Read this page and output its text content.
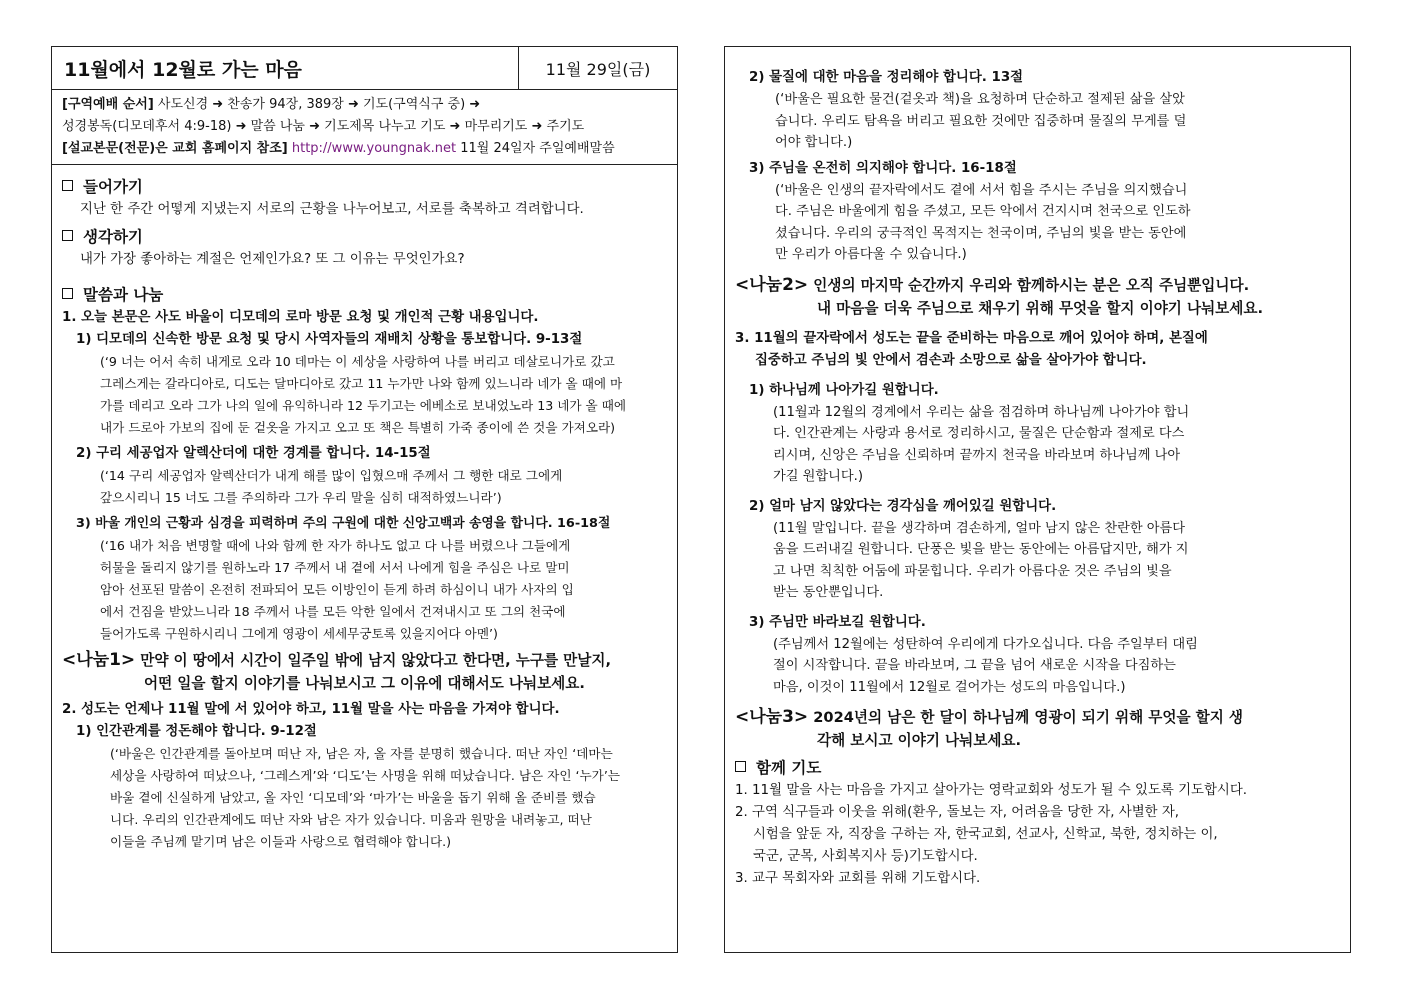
11월에서 12월로 가는 마음	11월 29일(금)
[구역예배 순서] 사도신경 ➜ 찬송가 94장, 389장 ➜ 기도(구역식구 중) ➜
성경봉독(디모데후서 4:9-18) ➜ 말씀 나눔 ➜ 기도제목 나누고 기도 ➜ 마무리기도 ➜ 주기도
[설교본문(전문)은 교회 홈페이지 참조] http://www.youngnak.net 11월 24일자 주일예배말씀
들어가기
지난 한 주간 어떻게 지냈는지 서로의 근황을 나누어보고, 서로를 축복하고 격려합니다.
생각하기
내가 가장 좋아하는 계절은 언제인가요? 또 그 이유는 무엇인가요?
말씀과 나눔
1. 오늘 본문은 사도 바울이 디모데의 로마 방문 요청 및 개인적 근황 내용입니다.
1) 디모데의 신속한 방문 요청 및 당시 사역자들의 재배치 상황을 통보합니다. 9-13절
(‘9 너는 어서 속히 내게로 오라 10 데마는 이 세상을 사랑하여 나를 버리고 데살로니가로 갔고
그레스게는 갈라디아로, 디도는 달마디아로 갔고 11 누가만 나와 함께 있느니라 네가 올 때에 마
가를 데리고 오라 그가 나의 일에 유익하니라 12 두기고는 에베소로 보내었노라 13 네가 올 때에
내가 드로아 가보의 집에 둔 겉옷을 가지고 오고 또 책은 특별히 가죽 종이에 쓴 것을 가져오라)
2) 구리 세공업자 알렉산더에 대한 경계를 합니다. 14-15절
(‘14 구리 세공업자 알렉산더가 내게 해를 많이 입혔으매 주께서 그 행한 대로 그에게
갚으시리니 15 너도 그를 주의하라 그가 우리 말을 심히 대적하였느니라’)
3) 바울 개인의 근황과 심경을 피력하며 주의 구원에 대한 신앙고백과 송영을 합니다. 16-18절
(‘16 내가 처음 변명할 때에 나와 함께 한 자가 하나도 없고 다 나를 버렸으나 그들에게
허물을 돌리지 않기를 원하노라 17 주께서 내 곁에 서서 나에게 힘을 주심은 나로 말미
암아 선포된 말씀이 온전히 전파되어 모든 이방인이 듣게 하려 하심이니 내가 사자의 입
에서 건짐을 받았느니라 18 주께서 나를 모든 악한 일에서 건져내시고 또 그의 천국에
들어가도록 구원하시리니 그에게 영광이 세세무궁토록 있을지어다 아멘’)
<나눔1> 만약 이 땅에서 시간이 일주일 밖에 남지 않았다고 한다면, 누구를 만날지,
어떤 일을 할지 이야기를 나눠보시고 그 이유에 대해서도 나눠보세요.
2. 성도는 언제나 11월 말에 서 있어야 하고, 11월 말을 사는 마음을 가져야 합니다.
1) 인간관계를 정돈해야 합니다. 9-12절
(‘바울은 인간관계를 돌아보며 떠난 자, 남은 자, 올 자를 분명히 했습니다. 떠난 자인 ‘데마는
세상을 사랑하여 떠났으나, ‘그레스게’와 ‘디도’는 사명을 위해 떠났습니다. 남은 자인 ‘누가’는
바울 곁에 신실하게 남았고, 올 자인 ‘디모데’와 ‘마가’는 바울을 돕기 위해 올 준비를 했습
니다. 우리의 인간관계에도 떠난 자와 남은 자가 있습니다. 미움과 원망을 내려놓고, 떠난
이들을 주님께 맡기며 남은 이들과 사랑으로 협력해야 합니다.)
2) 물질에 대한 마음을 정리해야 합니다. 13절
(‘바울은 필요한 물건(겉옷과 책)을 요청하며 단순하고 절제된 삶을 살았
습니다. 우리도 탐욕을 버리고 필요한 것에만 집중하며 물질의 무게를 덜
어야 합니다.)
3) 주님을 온전히 의지해야 합니다. 16-18절
(‘바울은 인생의 끝자락에서도 곁에 서서 힘을 주시는 주님을 의지했습니
다. 주님은 바울에게 힘을 주셨고, 모든 악에서 건지시며 천국으로 인도하
셨습니다. 우리의 궁극적인 목적지는 천국이며, 주님의 빛을 받는 동안에
만 우리가 아름다울 수 있습니다.)
<나눔2> 인생의 마지막 순간까지 우리와 함께하시는 분은 오직 주님뿐입니다.
내 마음을 더욱 주님으로 채우기 위해 무엇을 할지 이야기 나눠보세요.
3. 11월의 끝자락에서 성도는 끝을 준비하는 마음으로 깨어 있어야 하며, 본질에
집중하고 주님의 빛 안에서 겸손과 소망으로 삶을 살아가야 합니다.
1) 하나님께 나아가길 원합니다.
(11월과 12월의 경계에서 우리는 삶을 점검하며 하나님께 나아가야 합니
다. 인간관계는 사랑과 용서로 정리하시고, 물질은 단순함과 절제로 다스
리시며, 신앙은 주님을 신뢰하며 끝까지 천국을 바라보며 하나님께 나아
가길 원합니다.)
2) 얼마 남지 않았다는 경각심을 깨어있길 원합니다.
(11월 말입니다. 끝을 생각하며 겸손하게, 얼마 남지 않은 찬란한 아름다
움을 드러내길 원합니다. 단풍은 빛을 받는 동안에는 아름답지만, 해가 지
고 나면 칙칙한 어둠에 파묻힙니다. 우리가 아름다운 것은 주님의 빛을
받는 동안뿐입니다.
3) 주님만 바라보길 원합니다.
(주님께서 12월에는 성탄하여 우리에게 다가오십니다. 다음 주일부터 대림
절이 시작합니다. 끝을 바라보며, 그 끝을 넘어 새로운 시작을 다짐하는
마음, 이것이 11월에서 12월로 걸어가는 성도의 마음입니다.)
<나눔3> 2024년의 남은 한 달이 하나님께 영광이 되기 위해 무엇을 할지 생
각해 보시고 이야기 나눠보세요.
함께 기도
1. 11월 말을 사는 마음을 가지고 살아가는 영락교회와 성도가 될 수 있도록 기도합시다.
2. 구역 식구들과 이웃을 위해(환우, 돌보는 자, 어려움을 당한 자, 사별한 자,
시험을 앞둔 자, 직장을 구하는 자, 한국교회, 선교사, 신학교, 북한, 정치하는 이,
국군, 군목, 사회복지사 등)기도합시다.
3. 교구 목회자와 교회를 위해 기도합시다.
